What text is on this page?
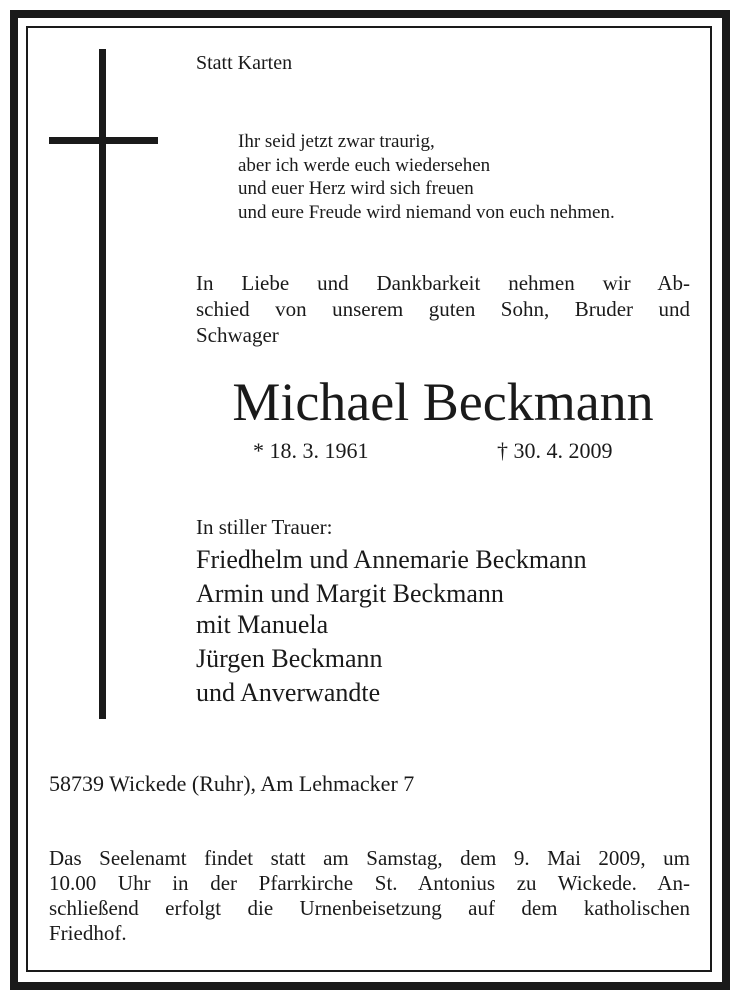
Statt Karten

Ihr seid jetzt zwar traurig,
aber ich werde euch wiedersehen
und euer Herz wird sich freuen
und eure Freude wird niemand von euch nehmen.
In Liebe und Dankbarkeit nehmen wir Ab-
schied von unserem guten Sohn, Bruder und
Schwager

Michael Beckmann

* 18. 3. 1961	† 30. 4. 2009

In stiller Trauer:

Friedhelm und Annemarie Beckmann
Armin und Margit Beckmann
mit Manuela
Jürgen Beckmann
und Anverwandte

58739 Wickede (Ruhr), Am Lehmacker 7

Das Seelenamt findet statt am Samstag, dem 9. Mai 2009, um
10.00 Uhr in der Pfarrkirche St. Antonius zu Wickede. An-
schließend erfolgt die Urnenbeisetzung auf dem katholischen
Friedhof.
